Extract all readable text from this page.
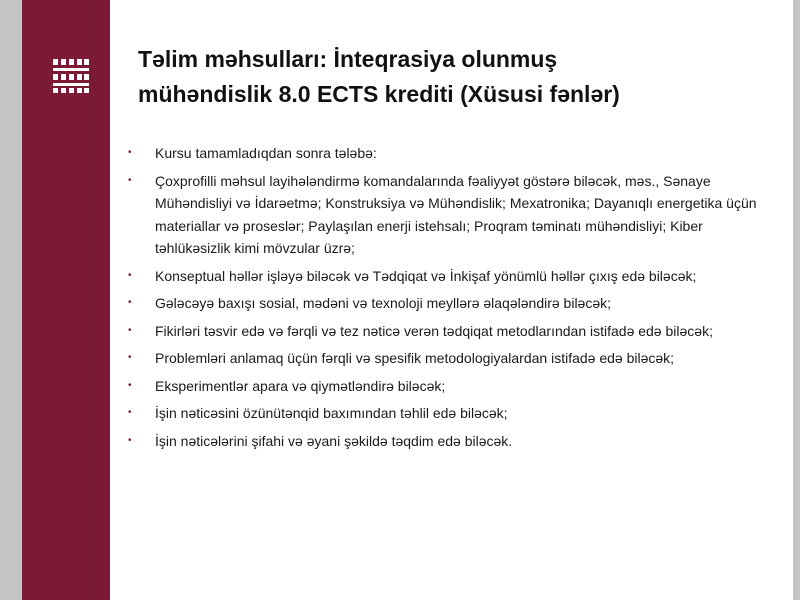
Təlim məhsulları: İnteqrasiya olunmuş
mühəndislik 8.0 ECTS krediti (Xüsusi fənlər)
• Kursu tamamladıqdan sonra tələbə:
• Çoxprofilli məhsul layihələndirmə komandalarında fəaliyyət göstərə biləcək, məs., Sənaye Mühəndisliyi və İdarəetmə; Konstruksiya və Mühəndislik; Mexatronika; Dayanıqlı energetika üçün materiallar və proseslər; Paylaşılan enerji istehsalı; Proqram təminatı mühəndisliyi; Kiber təhlükəsizlik kimi mövzular üzrə;
• Konseptual həllər işləyə biləcək və Tədqiqat və İnkişaf yönümlü həllər çıxış edə biləcək;
• Gələcəyə baxışı sosial, mədəni və texnoloji meyllərə əlaqələndirə biləcək;
• Fikirləri təsvir edə və fərqli və tez nəticə verən tədqiqat metodlarından istifadə edə biləcək;
• Problemləri anlamaq üçün fərqli və spesifik metodologiyalardan istifadə edə biləcək;
• Eksperimentlər apara və qiymətləndirə biləcək;
• İşin nəticəsini özünütənqid baxımından təhlil edə biləcək;
• İşin nəticələrini şifahi və əyani şəkildə təqdim edə biləcək.
